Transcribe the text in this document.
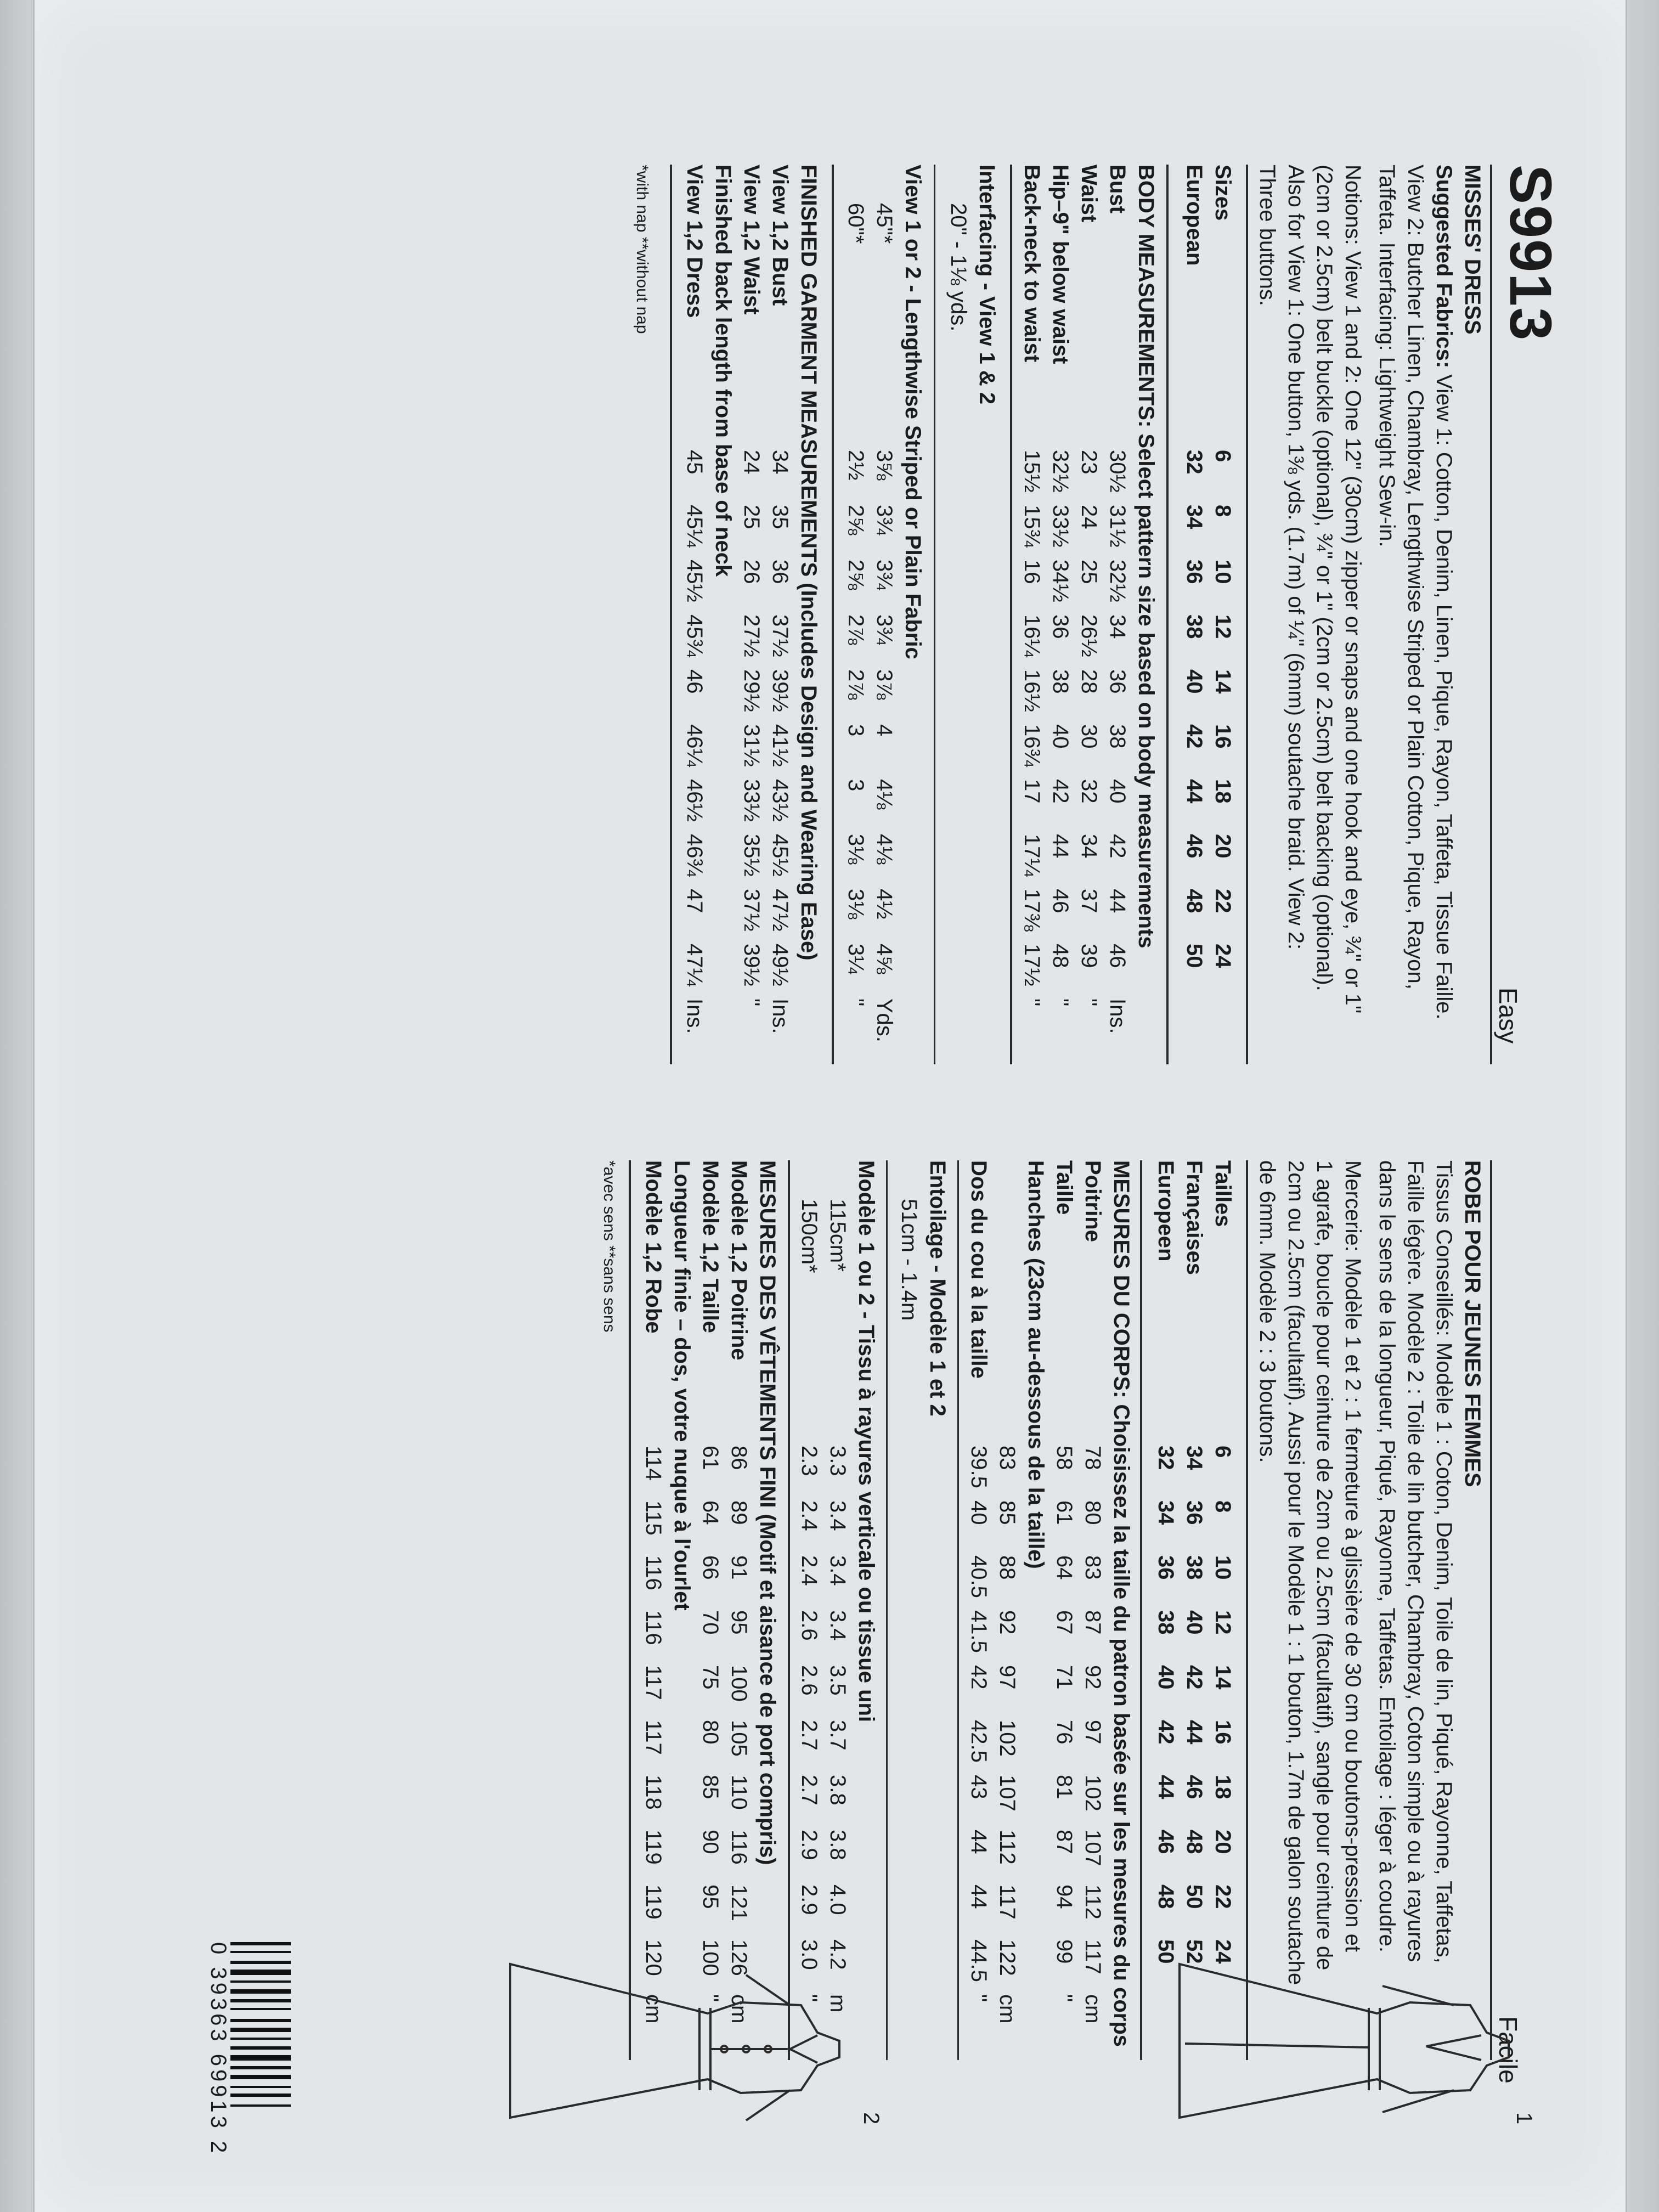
S9913
Easy
MISSES' DRESS
Suggested Fabrics: View 1: Cotton, Denim, Linen, Pique, Rayon, Taffeta, Tissue Faille.
View 2: Butcher Linen, Chambray, Lengthwise Striped or Plain Cotton, Pique, Rayon,
Taffeta. Interfacing: Lightweight Sew-in.
Notions: View 1 and 2: One 12" (30cm) zipper or snaps and one hook and eye, ¾" or 1"
(2cm or 2.5cm) belt buckle (optional), ¾" or 1" (2cm or 2.5cm) belt backing (optional).
Also for View 1: One button, 1⅜ yds. (1.7m) of ¼" (6mm) soutache braid. View 2:
Three buttons.
Sizes
European
BODY MEASUREMENTS: Select pattern size based on body measurements
Interfacing - View 1 & 2
20" - 1⅛ yds.
View 1 or 2 - Lengthwise Striped or Plain Fabric
FINISHED GARMENT MEASUREMENTS (Includes Design and Wearing Ease)
Finished back length from base of neck
*with nap **without nap
6
8
10
12
14
16
18
20
22
24
32
34
36
38
40
42
44
46
48
50
Bust
30½
31½
32½
34
36
38
40
42
44
46
Ins.
Waist
23
24
25
26½
28
30
32
34
37
39
"
Hip–9" below waist
32½
33½
34½
36
38
40
42
44
46
48
"
Back-neck to waist
15½
15¾
16
16¼
16½
16¾
17
17¼
17⅜
17½
"
45"*
3⅝
3¾
3¾
3¾
3⅞
4
4⅛
4⅛
4½
4⅝
Yds.
60"*
2½
2⅝
2⅝
2⅞
2⅞
3
3
3⅛
3⅛
3¼
"
View 1,2 Bust
34
35
36
37½
39½
41½
43½
45½
47½
49½
Ins.
View 1,2 Waist
24
25
26
27½
29½
31½
33½
35½
37½
39½
"
View 1,2 Dress
45
45¼
45½
45¾
46
46¼
46½
46¾
47
47¼
Ins.
Facile
ROBE POUR JEUNES FEMMES
Tissus Conseillés: Modèle 1 : Coton, Denim, Toile de lin, Piqué, Rayonne, Taffetas,
Faille légère. Modèle 2 : Toile de lin butcher, Chambray, Coton simple ou à rayures
dans le sens de la longueur, Piqué, Rayonne, Taffetas. Entoilage : léger à coudre.
Mercerie: Modèle 1 et 2 : 1 fermeture à glissière de 30 cm ou boutons-pression et
1 agrafe, boucle pour ceinture de 2cm ou 2.5cm (facultatif), sangle pour ceinture de
2cm ou 2.5cm (facultatif). Aussi pour le Modèle 1 : 1 bouton, 1.7m de galon soutache
de 6mm. Modèle 2 : 3 boutons.
Tailles
Françaises
Europeen
MESURES DU CORPS: Choisissez la taille du patron basée sur les mesures du corps
Hanches (23cm au-dessous de la taille)
Entoilage - Modèle 1 et 2
51cm - 1.4m
Modèle 1 ou 2 - Tissu à rayures verticale ou tissue uni
MESURES DES VÊTEMENTS FINI (Motif et aisance de port compris)
Longueur finie – dos, votre nuque à l'ourlet
*avec sens **sans sens
6
8
10
12
14
16
18
20
22
24
34
36
38
40
42
44
46
48
50
52
32
34
36
38
40
42
44
46
48
50
Poitrine
78
80
83
87
92
97
102
107
112
117
cm
Taille
58
61
64
67
71
76
81
87
94
99
"
115cm*
3.3
3.4
3.4
3.4
3.5
3.7
3.8
3.8
4.0
4.2
m
150cm*
2.3
2.4
2.4
2.6
2.6
2.7
2.7
2.9
2.9
3.0
"
Modèle 1,2 Poitrine
86
89
91
95
100
105
110
116
121
126
cm
Modèle 1,2 Taille
61
64
66
70
75
80
85
90
95
100
"
83
85
88
92
97
102
107
112
117
122
cm
Dos du cou à la taille
39.5
40
40.5
41.5
42
42.5
43
44
44
44.5
"
Modèle 1,2 Robe
114
115
116
116
117
117
118
119
119
120
cm
1
2
0 39363 69913 2
